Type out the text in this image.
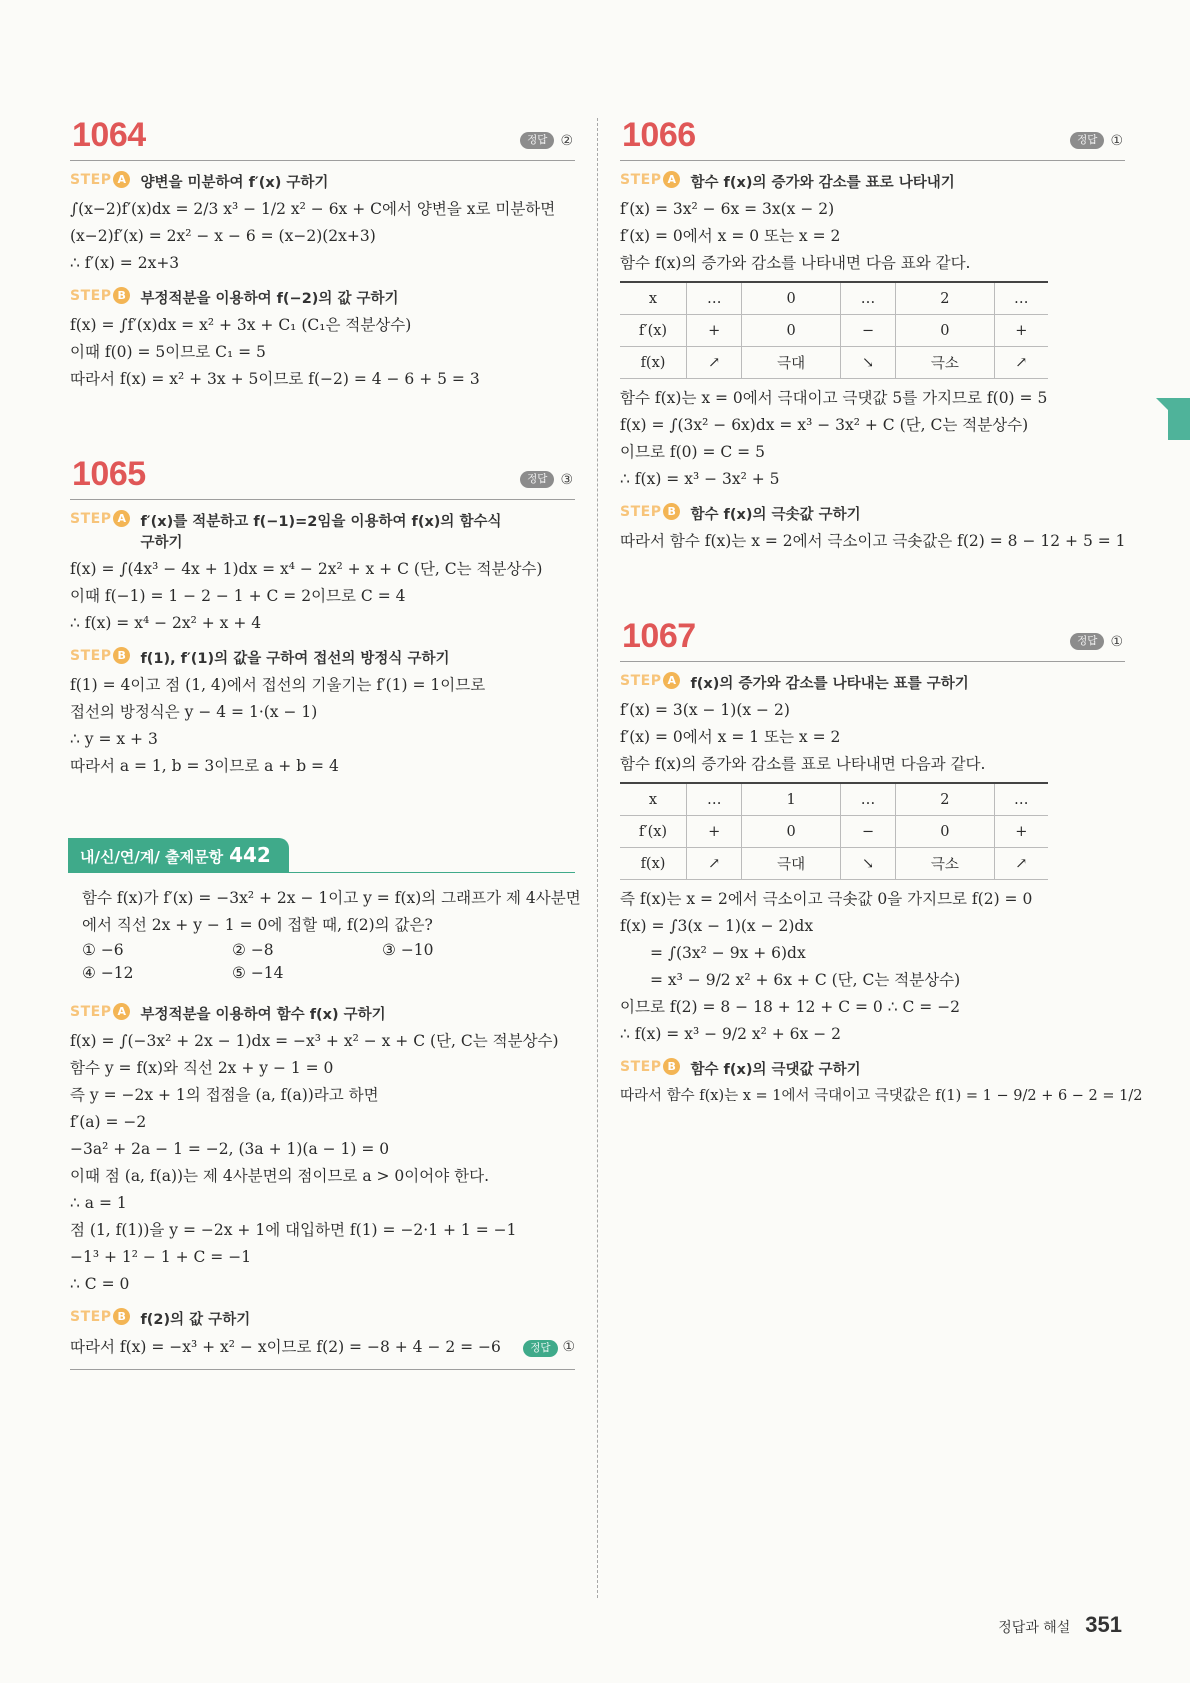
1064	정답 ②
STEP A 양변을 미분하여 f′(x) 구하기
∫(x−2)f′(x)dx = 2/3 x³ − 1/2 x² − 6x + C에서 양변을 x로 미분하면
(x−2)f′(x) = 2x² − x − 6 = (x−2)(2x+3)
∴ f′(x) = 2x+3
STEP B 부정적분을 이용하여 f(−2)의 값 구하기
f(x) = ∫f′(x)dx = x² + 3x + C₁ (C₁은 적분상수)
이때 f(0) = 5이므로 C₁ = 5
따라서 f(x) = x² + 3x + 5이므로 f(−2) = 4 − 6 + 5 = 3
1065	정답 ③
STEP A f′(x)를 적분하고 f(−1)=2임을 이용하여 f(x)의 함수식
구하기
f(x) = ∫(4x³ − 4x + 1)dx = x⁴ − 2x² + x + C (단, C는 적분상수)
이때 f(−1) = 1 − 2 − 1 + C = 2이므로 C = 4
∴ f(x) = x⁴ − 2x² + x + 4
STEP B f(1), f′(1)의 값을 구하여 접선의 방정식 구하기
f(1) = 4이고 점 (1, 4)에서 접선의 기울기는 f′(1) = 1이므로
접선의 방정식은 y − 4 = 1·(x − 1)
∴ y = x + 3
따라서 a = 1, b = 3이므로 a + b = 4
내/신/연/계/ 출제문항 442
함수 f(x)가 f′(x) = −3x² + 2x − 1이고 y = f(x)의 그래프가 제 4사분면
에서 직선 2x + y − 1 = 0에 접할 때, f(2)의 값은?
① −6	② −8	③ −10
④ −12	⑤ −14
STEP A 부정적분을 이용하여 함수 f(x) 구하기
f(x) = ∫(−3x² + 2x − 1)dx = −x³ + x² − x + C (단, C는 적분상수)
함수 y = f(x)와 직선 2x + y − 1 = 0
즉 y = −2x + 1의 접점을 (a, f(a))라고 하면
f′(a) = −2
−3a² + 2a − 1 = −2, (3a + 1)(a − 1) = 0
이때 점 (a, f(a))는 제 4사분면의 점이므로 a > 0이어야 한다.
∴ a = 1
점 (1, f(1))을 y = −2x + 1에 대입하면 f(1) = −2·1 + 1 = −1
−1³ + 1² − 1 + C = −1
∴ C = 0
STEP B f(2)의 값 구하기
따라서 f(x) = −x³ + x² − x이므로 f(2) = −8 + 4 − 2 = −6	정답 ①
1066	정답 ①
STEP A 함수 f(x)의 증가와 감소를 표로 나타내기
f′(x) = 3x² − 6x = 3x(x − 2)
f′(x) = 0에서 x = 0 또는 x = 2
함수 f(x)의 증가와 감소를 나타내면 다음 표와 같다.
x	…	0	…	2	…
f′(x)	+	0	−	0	+
f(x)	↗	극대	↘	극소	↗
함수 f(x)는 x = 0에서 극대이고 극댓값 5를 가지므로 f(0) = 5
f(x) = ∫(3x² − 6x)dx = x³ − 3x² + C (단, C는 적분상수)
이므로 f(0) = C = 5
∴ f(x) = x³ − 3x² + 5
STEP B 함수 f(x)의 극솟값 구하기
따라서 함수 f(x)는 x = 2에서 극소이고 극솟값은 f(2) = 8 − 12 + 5 = 1
1067	정답 ①
STEP A f(x)의 증가와 감소를 나타내는 표를 구하기
f′(x) = 3(x − 1)(x − 2)
f′(x) = 0에서 x = 1 또는 x = 2
함수 f(x)의 증가와 감소를 표로 나타내면 다음과 같다.
x	…	1	…	2	…
f′(x)	+	0	−	0	+
f(x)	↗	극대	↘	극소	↗
즉 f(x)는 x = 2에서 극소이고 극솟값 0을 가지므로 f(2) = 0
f(x) = ∫3(x − 1)(x − 2)dx
= ∫(3x² − 9x + 6)dx
= x³ − 9/2 x² + 6x + C (단, C는 적분상수)
이므로 f(2) = 8 − 18 + 12 + C = 0 ∴ C = −2
∴ f(x) = x³ − 9/2 x² + 6x − 2
STEP B 함수 f(x)의 극댓값 구하기
따라서 함수 f(x)는 x = 1에서 극대이고 극댓값은 f(1) = 1 − 9/2 + 6 − 2 = 1/2
정답과 해설 351
